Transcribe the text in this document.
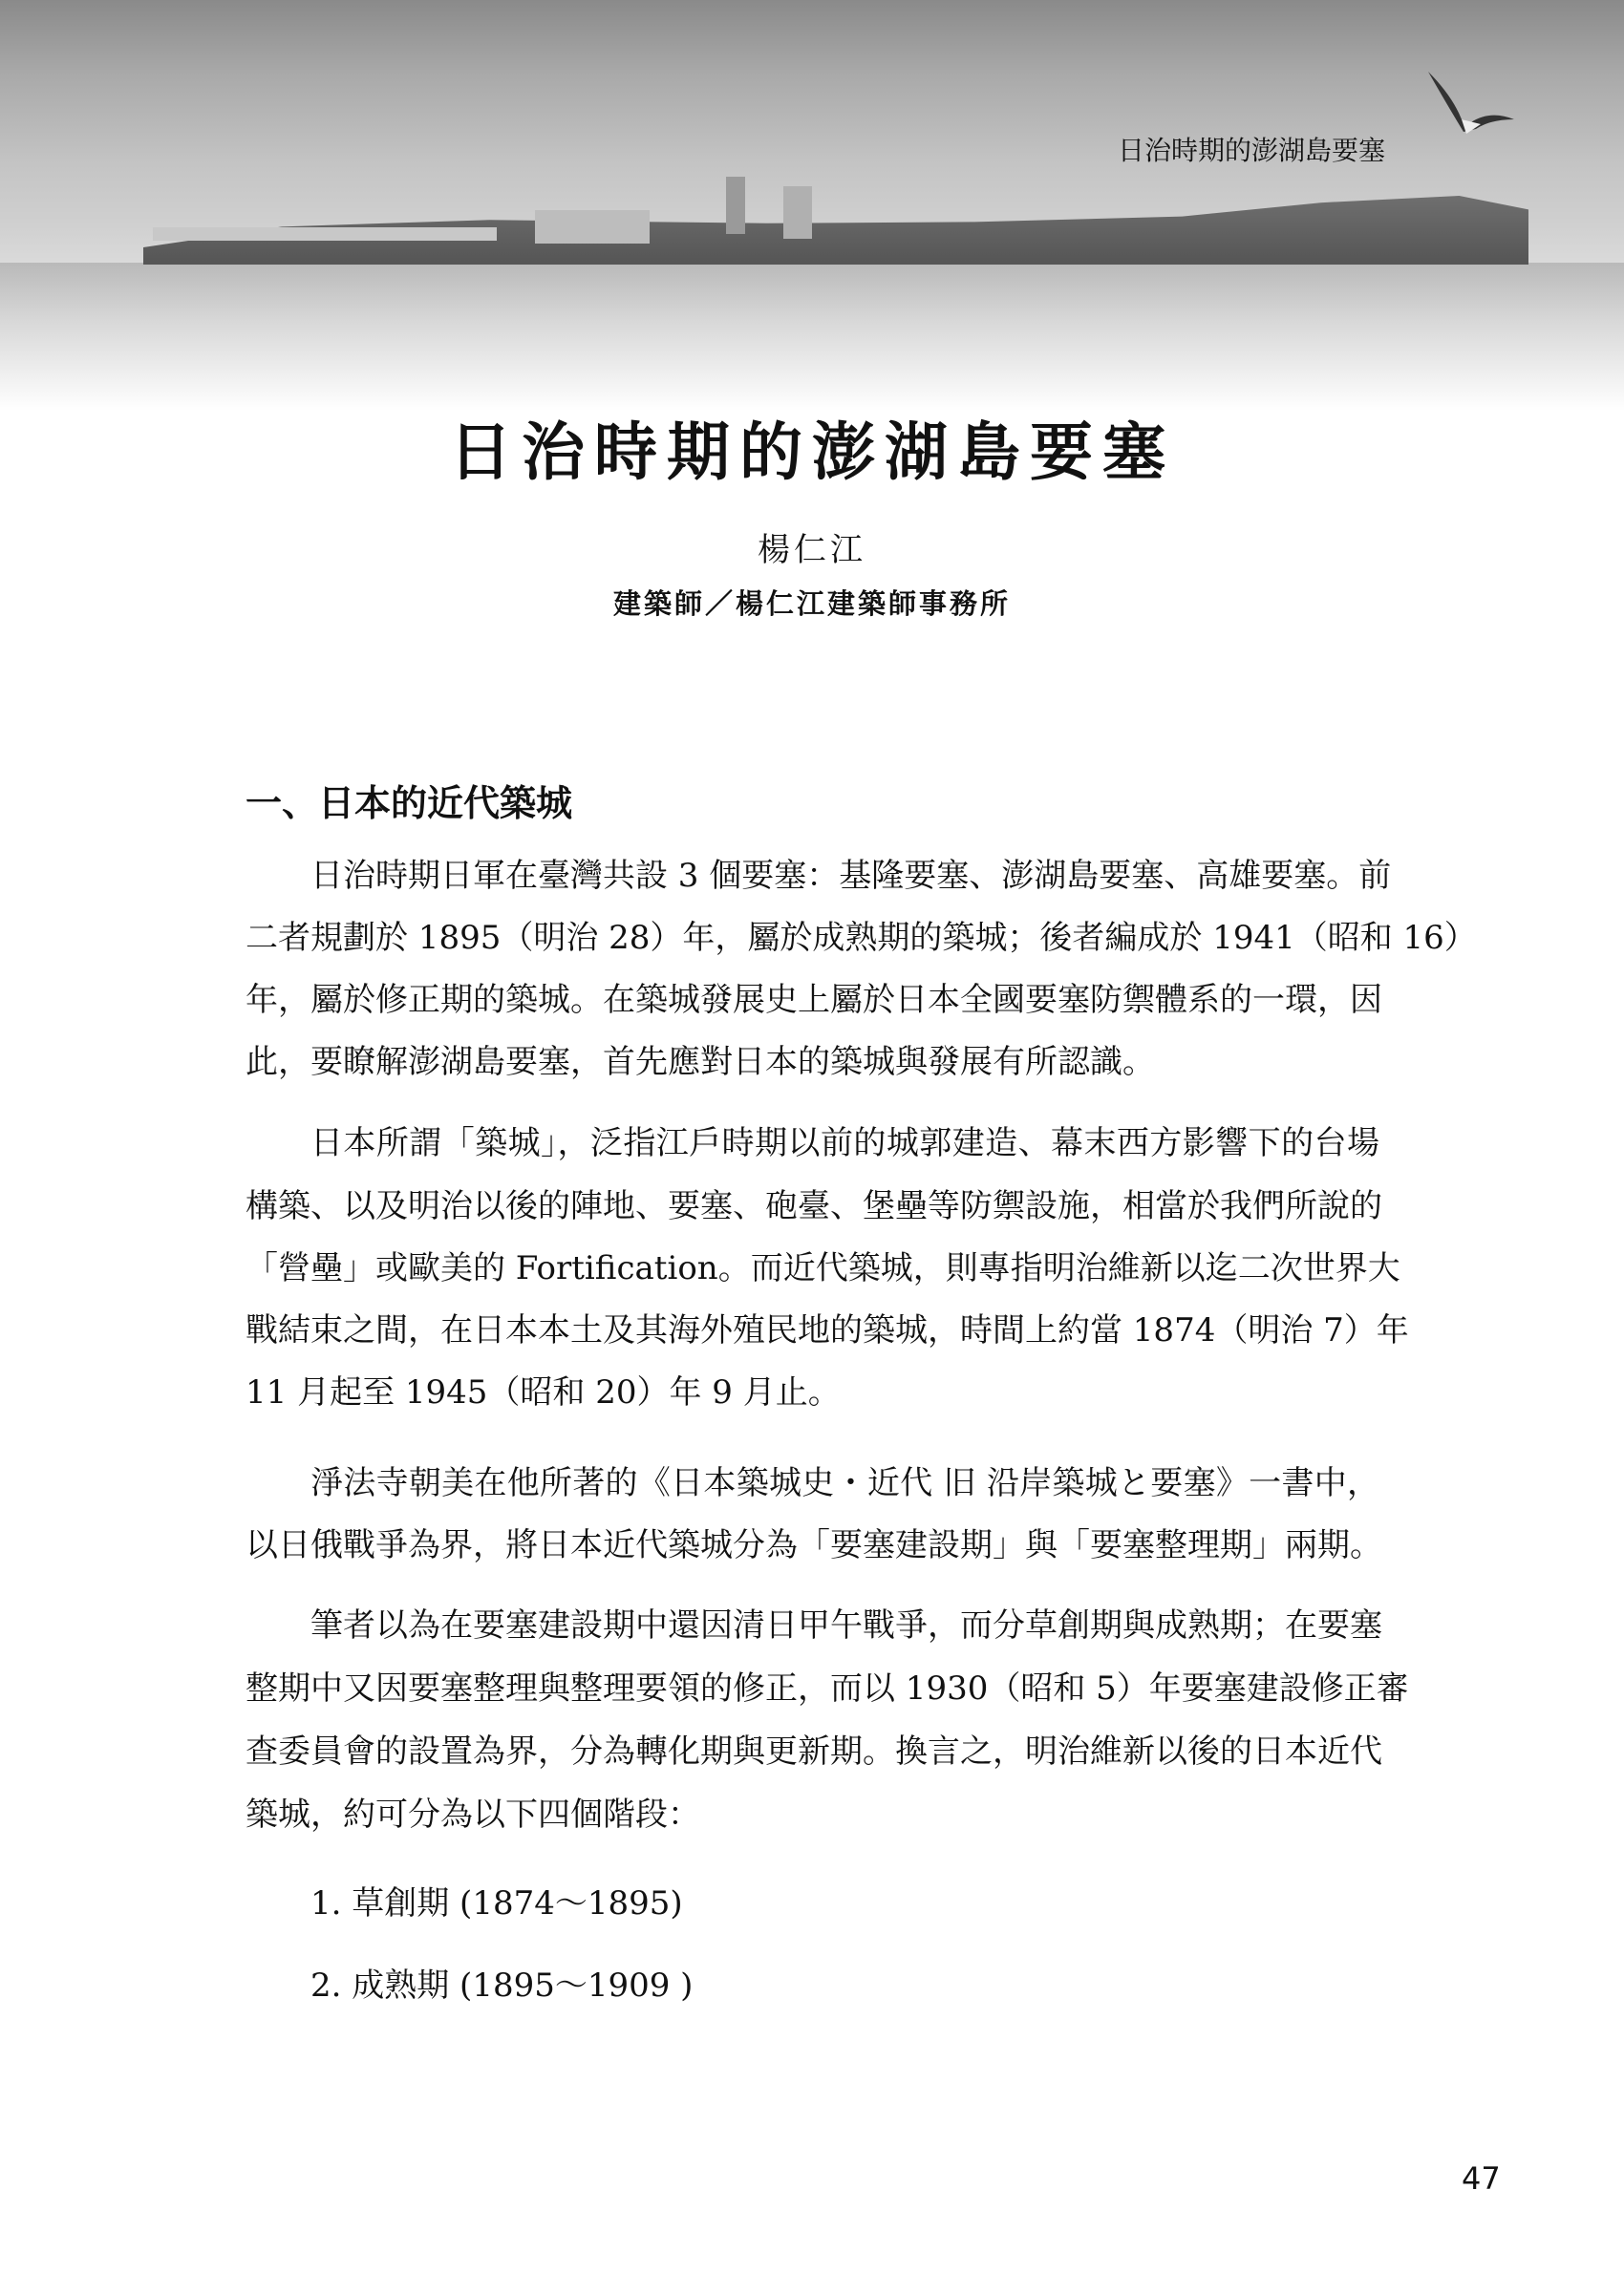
日治時期的澎湖島要塞
日治時期的澎湖島要塞
楊仁江
建築師／楊仁江建築師事務所
一、日本的近代築城
日治時期日軍在臺灣共設 3 個要塞：基隆要塞、澎湖島要塞、高雄要塞。前
二者規劃於 1895（明治 28）年，屬於成熟期的築城；後者編成於 1941（昭和 16）
年，屬於修正期的築城。在築城發展史上屬於日本全國要塞防禦體系的一環，因
此，要瞭解澎湖島要塞，首先應對日本的築城與發展有所認識。
日本所謂「築城」，泛指江戶時期以前的城郭建造、幕末西方影響下的台場
構築、以及明治以後的陣地、要塞、砲臺、堡壘等防禦設施，相當於我們所說的
「營壘」或歐美的 Fortification。而近代築城，則專指明治維新以迄二次世界大
戰結束之間，在日本本土及其海外殖民地的築城，時間上約當 1874（明治 7）年
11 月起至 1945（昭和 20）年 9 月止。
淨法寺朝美在他所著的《日本築城史・近代 旧 沿岸築城と要塞》一書中，
以日俄戰爭為界，將日本近代築城分為「要塞建設期」與「要塞整理期」兩期。
筆者以為在要塞建設期中還因清日甲午戰爭，而分草創期與成熟期；在要塞
整期中又因要塞整理與整理要領的修正，而以 1930（昭和 5）年要塞建設修正審
查委員會的設置為界，分為轉化期與更新期。換言之，明治維新以後的日本近代
築城，約可分為以下四個階段：
1. 草創期 (1874～1895)
2. 成熟期 (1895～1909 )
47
